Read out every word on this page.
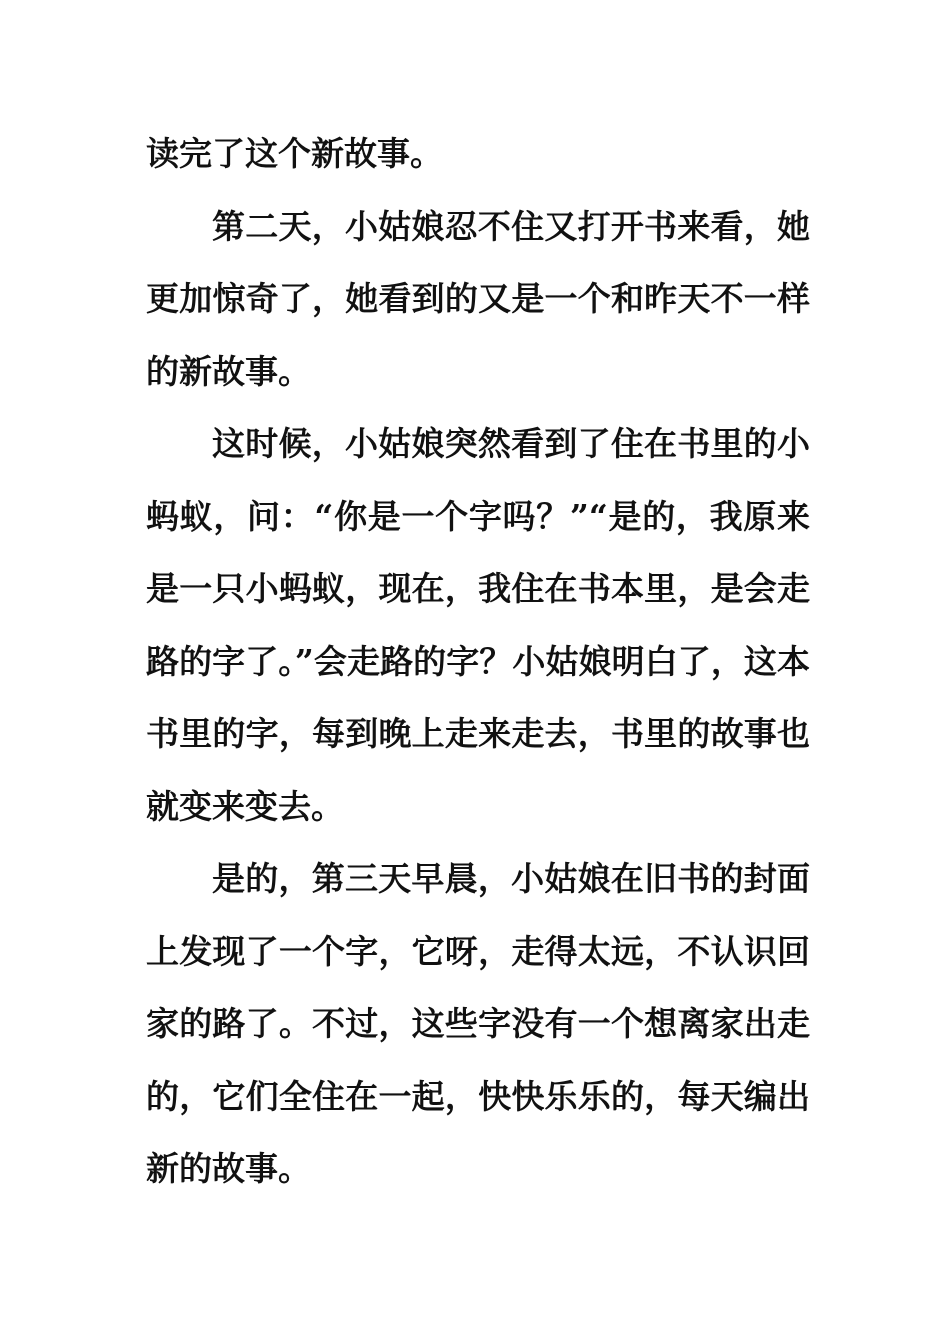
读完了这个新故事。

第二天，小姑娘忍不住又打开书来看，她更加惊奇了，她看到的又是一个和昨天不一样的新故事。

这时候，小姑娘突然看到了住在书里的小蚂蚁，问：“你是一个字吗？”“是的，我原来是一只小蚂蚁，现在，我住在书本里，是会走路的字了。”会走路的字？小姑娘明白了，这本书里的字，每到晚上走来走去，书里的故事也就变来变去。

是的，第三天早晨，小姑娘在旧书的封面上发现了一个字，它呀，走得太远，不认识回家的路了。不过，这些字没有一个想离家出走的，它们全住在一起，快快乐乐的，每天编出新的故事。
